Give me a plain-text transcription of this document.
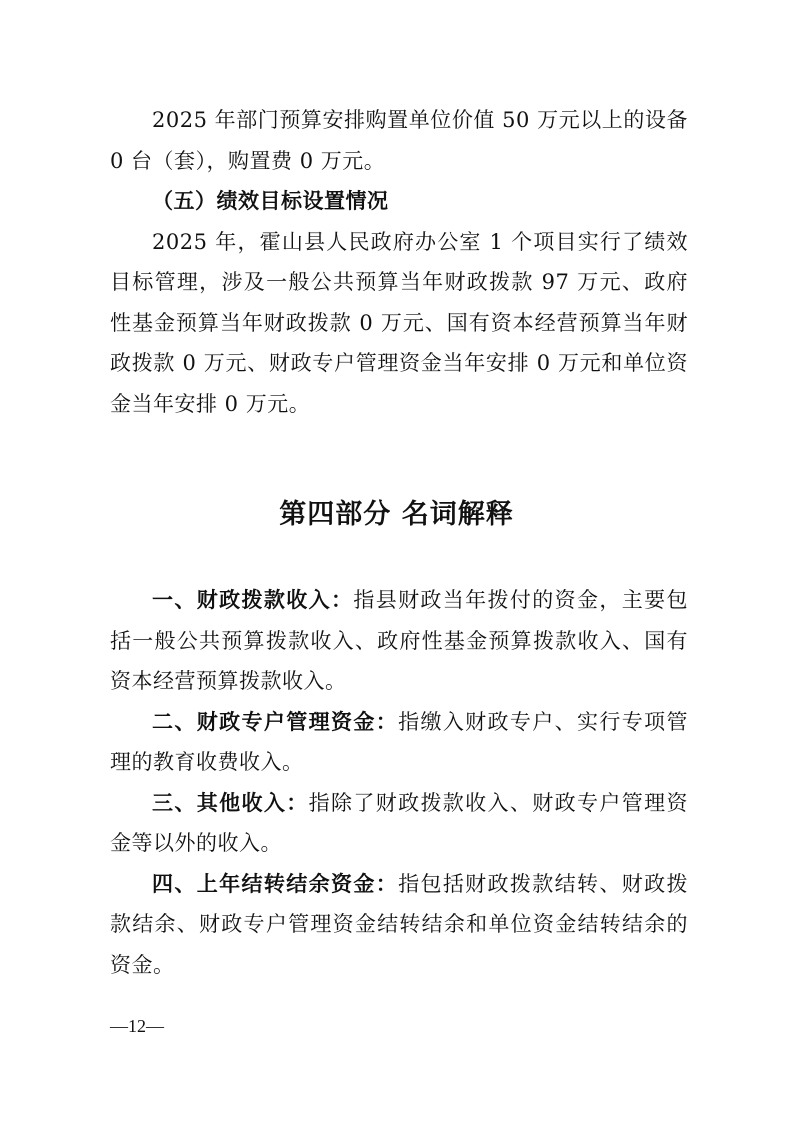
2025 年部门预算安排购置单位价值 50 万元以上的设备 0 台（套），购置费 0 万元。

（五）绩效目标设置情况

2025 年，霍山县人民政府办公室 1 个项目实行了绩效目标管理，涉及一般公共预算当年财政拨款 97 万元、政府性基金预算当年财政拨款 0 万元、国有资本经营预算当年财政拨款 0 万元、财政专户管理资金当年安排 0 万元和单位资金当年安排 0 万元。

第四部分 名词解释

一、财政拨款收入：指县财政当年拨付的资金，主要包括一般公共预算拨款收入、政府性基金预算拨款收入、国有资本经营预算拨款收入。

二、财政专户管理资金：指缴入财政专户、实行专项管理的教育收费收入。

三、其他收入：指除了财政拨款收入、财政专户管理资金等以外的收入。

四、上年结转结余资金：指包括财政拨款结转、财政拨款结余、财政专户管理资金结转结余和单位资金结转结余的资金。

—12—
